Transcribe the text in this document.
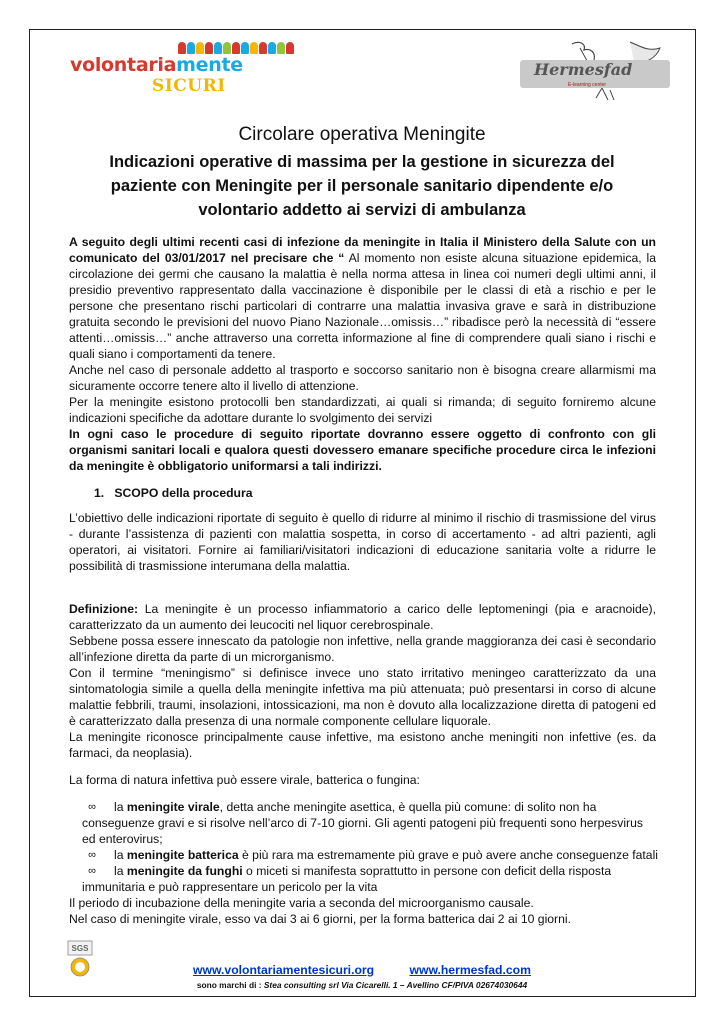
volontariamente
SICURI
Hermesfad
E-learning center
Circolare operativa Meningite
Indicazioni operative di massima per la gestione in sicurezza del paziente con Meningite per il personale sanitario dipendente e/o volontario addetto ai servizi di ambulanza
A seguito degli ultimi recenti casi di infezione da meningite in Italia il Ministero della Salute con un comunicato del 03/01/2017 nel precisare che “ Al momento non esiste alcuna situazione epidemica, la circolazione dei germi che causano la malattia è nella norma attesa in linea coi numeri degli ultimi anni, il presidio preventivo rappresentato dalla vaccinazione è disponibile per le classi di età a rischio e per le persone che presentano rischi particolari di contrarre una malattia invasiva grave e sarà in distribuzione gratuita secondo le previsioni del nuovo Piano Nazionale…omissis…” ribadisce però la necessità di “essere attenti…omissis…” anche attraverso una corretta informazione al fine di comprendere quali siano i rischi e quali siano i comportamenti da tenere.
Anche nel caso di personale addetto al trasporto e soccorso sanitario non è bisogna creare allarmismi ma sicuramente occorre tenere alto il livello di attenzione.
Per la meningite esistono protocolli ben standardizzati, ai quali si rimanda; di seguito forniremo alcune indicazioni specifiche da adottare durante lo svolgimento dei servizi
In ogni caso le procedure di seguito riportate dovranno essere oggetto di confronto con gli organismi sanitari locali e qualora questi dovessero emanare specifiche procedure circa le infezioni da meningite è obbligatorio uniformarsi a tali indirizzi.
1. SCOPO della procedura

L’obiettivo delle indicazioni riportate di seguito è quello di ridurre al minimo il rischio di trasmissione del virus - durante l’assistenza di pazienti con malattia sospetta, in corso di accertamento - ad altri pazienti, agli operatori, ai visitatori. Fornire ai familiari/visitatori indicazioni di educazione sanitaria volte a ridurre le possibilità di trasmissione interumana della malattia.

Definizione: La meningite è un processo infiammatorio a carico delle leptomeningi (pia e aracnoide), caratterizzato da un aumento dei leucociti nel liquor cerebrospinale.
Sebbene possa essere innescato da patologie non infettive, nella grande maggioranza dei casi è secondario all’infezione diretta da parte di un microrganismo.
Con il termine “meningismo” si definisce invece uno stato irritativo meningeo caratterizzato da una sintomatologia simile a quella della meningite infettiva ma più attenuata; può presentarsi in corso di alcune malattie febbrili, traumi, insolazioni, intossicazioni, ma non è dovuto alla localizzazione diretta di patogeni ed è caratterizzato dalla presenza di una normale componente cellulare liquorale.
La meningite riconosce principalmente cause infettive, ma esistono anche meningiti non infettive (es. da farmaci, da neoplasia).

La forma di natura infettiva può essere virale, batterica o fungina:

∞	la meningite virale, detta anche meningite asettica, è quella più comune: di solito non ha
conseguenze gravi e si risolve nell’arco di 7-10 giorni. Gli agenti patogeni più frequenti sono herpesvirus
ed enterovirus;
∞	la meningite batterica è più rara ma estremamente più grave e può avere anche conseguenze fatali
∞	la meningite da funghi o miceti si manifesta soprattutto in persone con deficit della risposta
immunitaria e può rappresentare un pericolo per la vita
Il periodo di incubazione della meningite varia a seconda del microorganismo causale.
Nel caso di meningite virale, esso va dai 3 ai 6 giorni, per la forma batterica dai 2 ai 10 giorni.
SGS
www.volontariamentesicuri.org	www.hermesfad.com
sono marchi di : Stea consulting srl Via Cicarelli. 1 – Avellino CF/PIVA 02674030644
